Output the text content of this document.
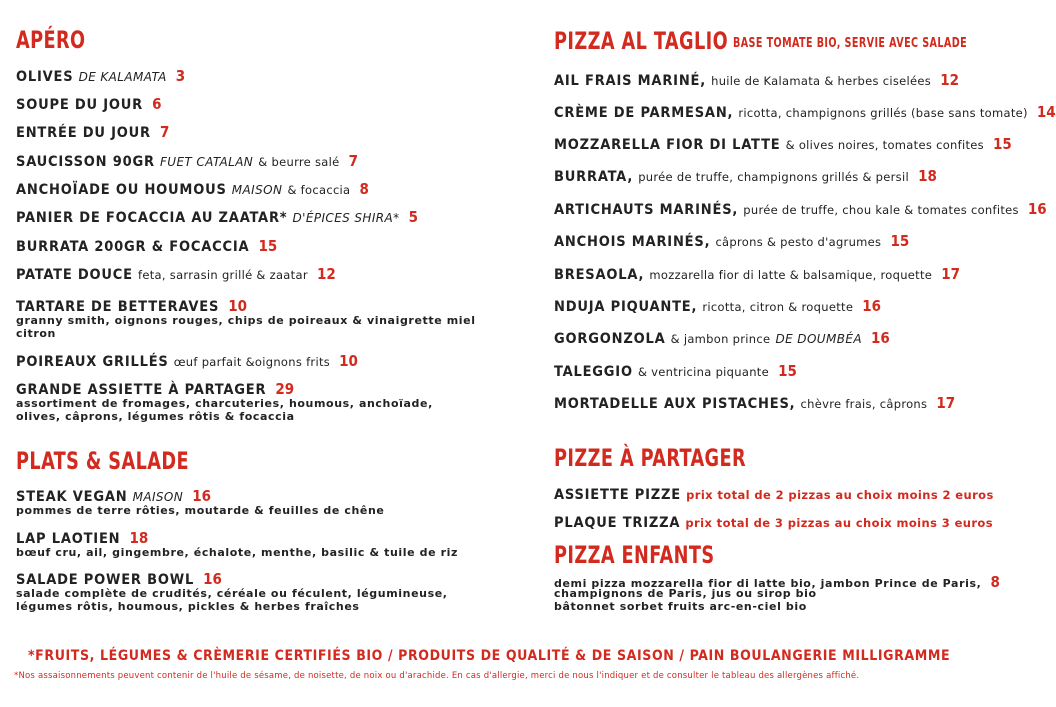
APÉRO
OLIVES DE KALAMATA 3
SOUPE DU JOUR 6
ENTRÉE DU JOUR 7
SAUCISSON 90GR FUET CATALAN & beurre salé 7
ANCHOÏADE OU HOUMOUS MAISON & focaccia 8
PANIER DE FOCACCIA AU ZAATAR* D'ÉPICES SHIRA* 5
BURRATA 200GR & FOCACCIA 15
PATATE DOUCE feta, sarrasin grillé & zaatar 12
TARTARE DE BETTERAVES 10
granny smith, oignons rouges, chips de poireaux & vinaigrette miel
citron
POIREAUX GRILLÉS œuf parfait &oignons frits 10
GRANDE ASSIETTE À PARTAGER 29
assortiment de fromages, charcuteries, houmous, anchoïade,
olives, câprons, légumes rôtis & focaccia
PLATS & SALADE
STEAK VEGAN MAISON 16
pommes de terre rôties, moutarde & feuilles de chêne
LAP LAOTIEN 18
bœuf cru, ail, gingembre, échalote, menthe, basilic & tuile de riz
SALADE POWER BOWL 16
salade complète de crudités, céréale ou féculent, légumineuse,
légumes rôtis, houmous, pickles & herbes fraîches
PIZZA AL TAGLIO BASE TOMATE BIO, SERVIE AVEC SALADE
AIL FRAIS MARINÉ, huile de Kalamata & herbes ciselées 12
CRÈME DE PARMESAN, ricotta, champignons grillés (base sans tomate) 14
MOZZARELLA FIOR DI LATTE & olives noires, tomates confites 15
BURRATA, purée de truffe, champignons grillés & persil 18
ARTICHAUTS MARINÉS, purée de truffe, chou kale & tomates confites 16
ANCHOIS MARINÉS, câprons & pesto d'agrumes 15
BRESAOLA, mozzarella fior di latte & balsamique, roquette 17
NDUJA PIQUANTE, ricotta, citron & roquette 16
GORGONZOLA & jambon prince DE DOUMBÉA 16
TALEGGIO & ventricina piquante 15
MORTADELLE AUX PISTACHES, chèvre frais, câprons 17
PIZZE À PARTAGER
ASSIETTE PIZZE prix total de 2 pizzas au choix moins 2 euros
PLAQUE TRIZZA prix total de 3 pizzas au choix moins 3 euros
PIZZA ENFANTS
demi pizza mozzarella fior di latte bio, jambon Prince de Paris, 8
champignons de Paris, jus ou sirop bio
bâtonnet sorbet fruits arc-en-ciel bio
*FRUITS, LÉGUMES & CRÈMERIE CERTIFIÉS BIO / PRODUITS DE QUALITÉ & DE SAISON / PAIN BOULANGERIE MILLIGRAMME
*Nos assaisonnements peuvent contenir de l'huile de sésame, de noisette, de noix ou d'arachide. En cas d'allergie, merci de nous l'indiquer et de consulter le tableau des allergènes affiché.
